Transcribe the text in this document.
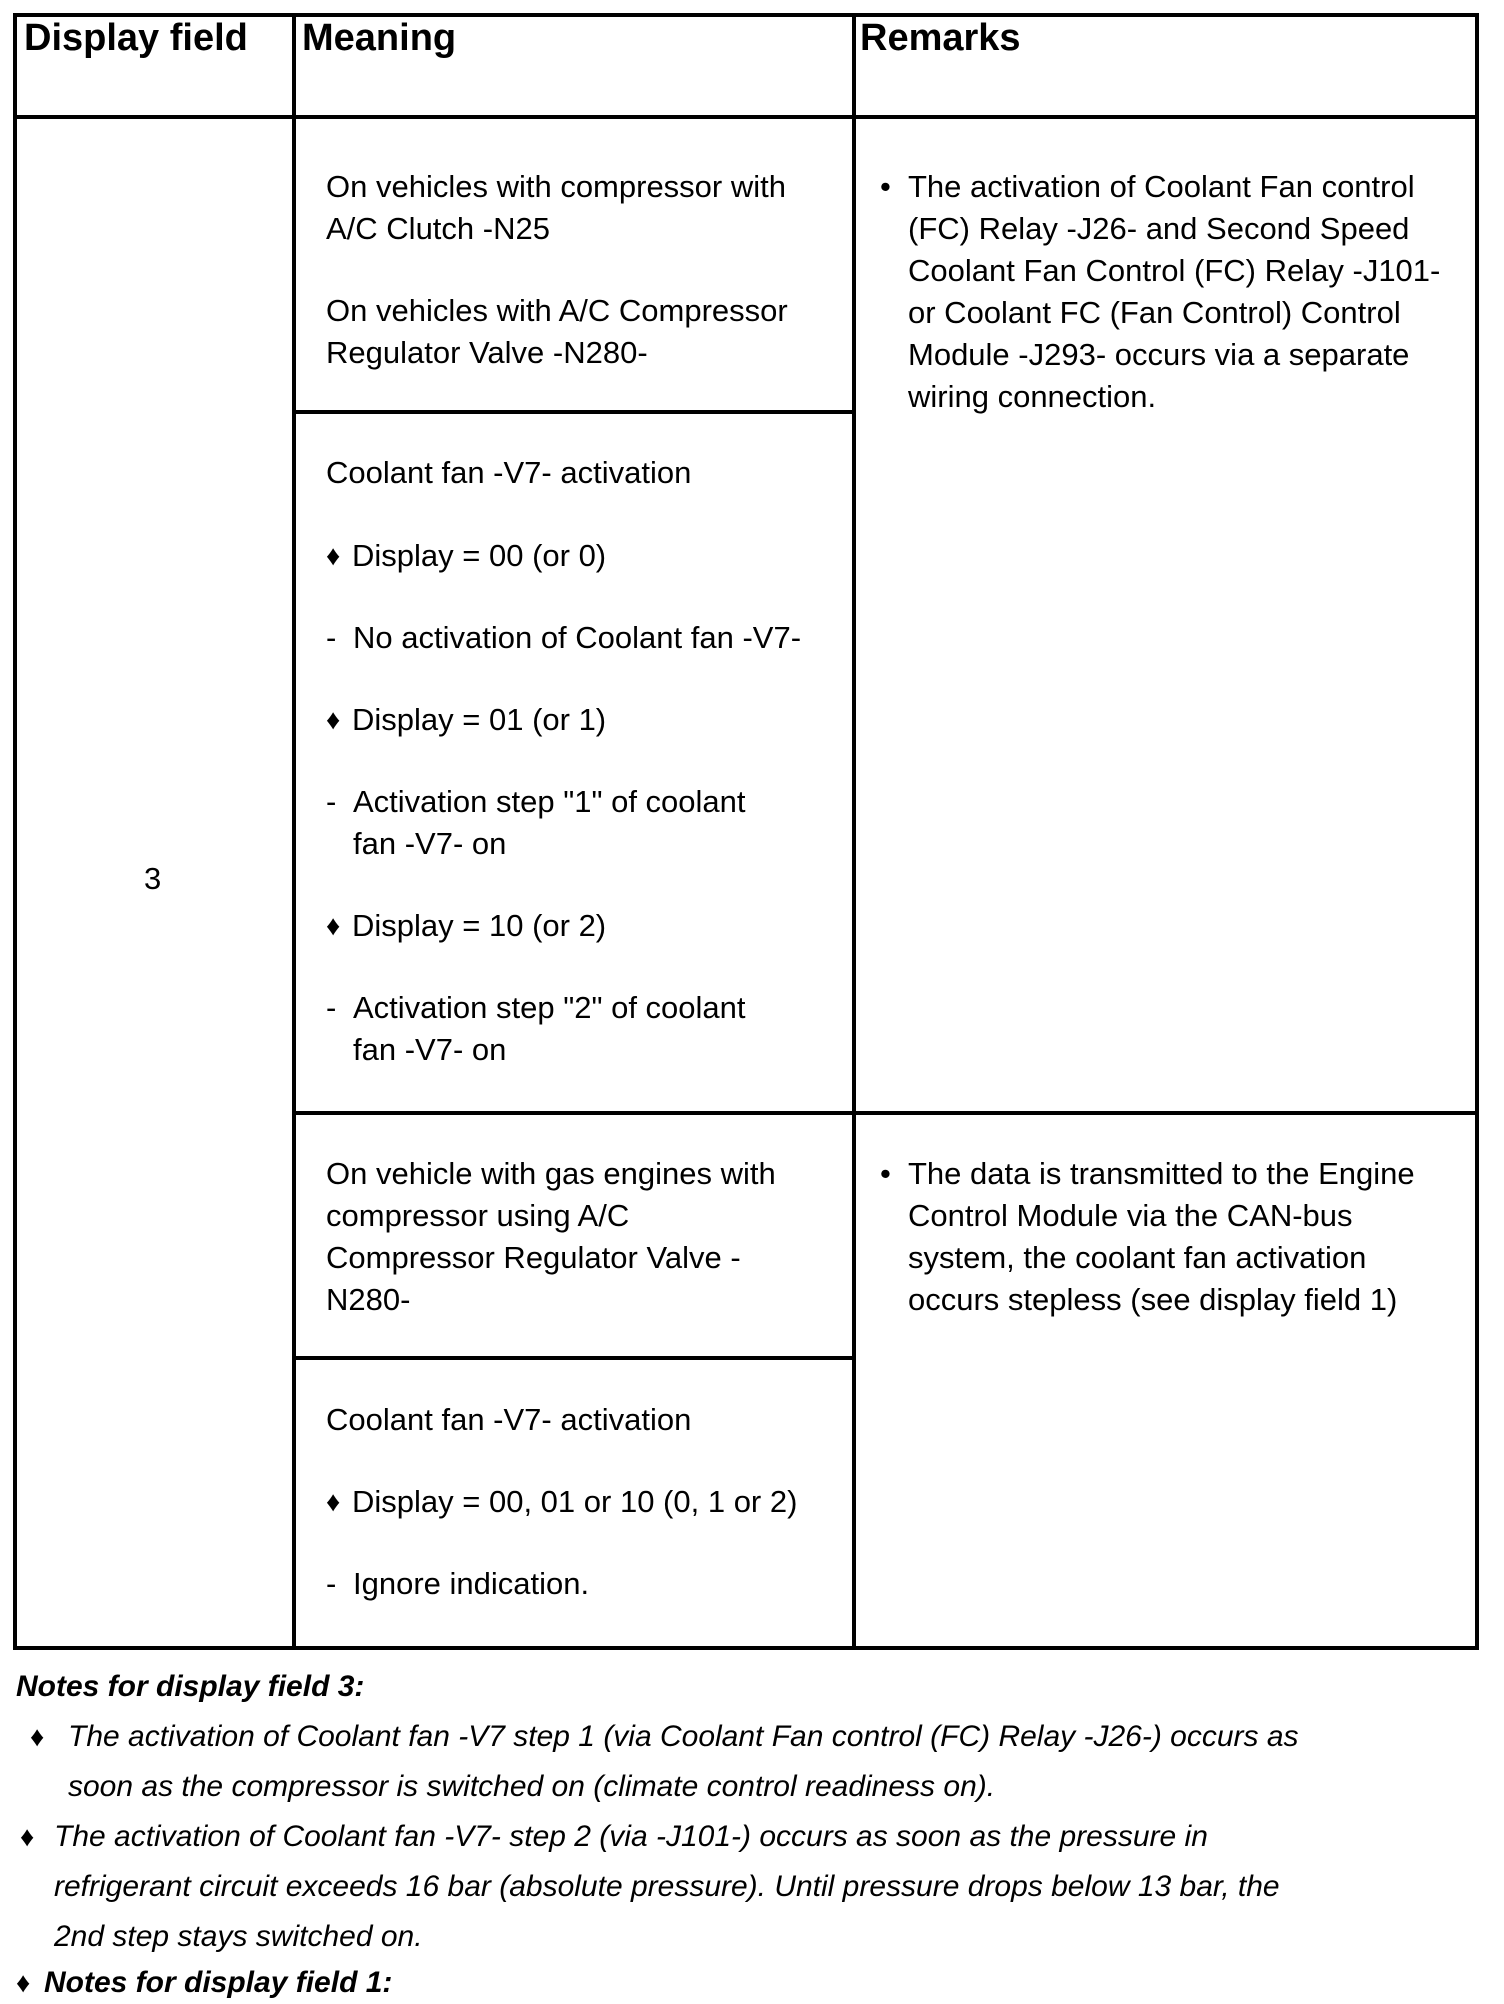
Display field Meaning	Remarks
3

On vehicles with compressor with

A/C Clutch -N25

On vehicles with A/C Compressor

Regulator Valve -N280-

Coolant fan -V7- activation

♦ Display = 00 (or 0)
- No activation of Coolant fan -V7-
♦ Display = 01 (or 1)
- Activation step "1" of coolant

fan -V7- on

♦ Display = 10 (or 2)
- Activation step "2" of coolant

fan -V7- on

• The activation of Coolant Fan control

(FC) Relay -J26- and Second Speed

Coolant Fan Control (FC) Relay -J101-

or Coolant FC (Fan Control) Control

Module -J293- occurs via a separate

wiring connection.

On vehicle with gas engines with

compressor using A/C

Compressor Regulator Valve -

N280-

Coolant fan -V7- activation

♦ Display = 00, 01 or 10 (0, 1 or 2)
- Ignore indication.
• The data is transmitted to the Engine

Control Module via the CAN-bus

system, the coolant fan activation

occurs stepless (see display field 1)

Notes for display field 3:
♦ The activation of Coolant fan -V7 step 1 (via Coolant Fan control (FC) Relay -J26-) occurs as
soon as the compressor is switched on (climate control readiness on).
♦ The activation of Coolant fan -V7- step 2 (via -J101-) occurs as soon as the pressure in
refrigerant circuit exceeds 16 bar (absolute pressure). Until pressure drops below 13 bar, the
2nd step stays switched on.
♦ Notes for display field 1:
